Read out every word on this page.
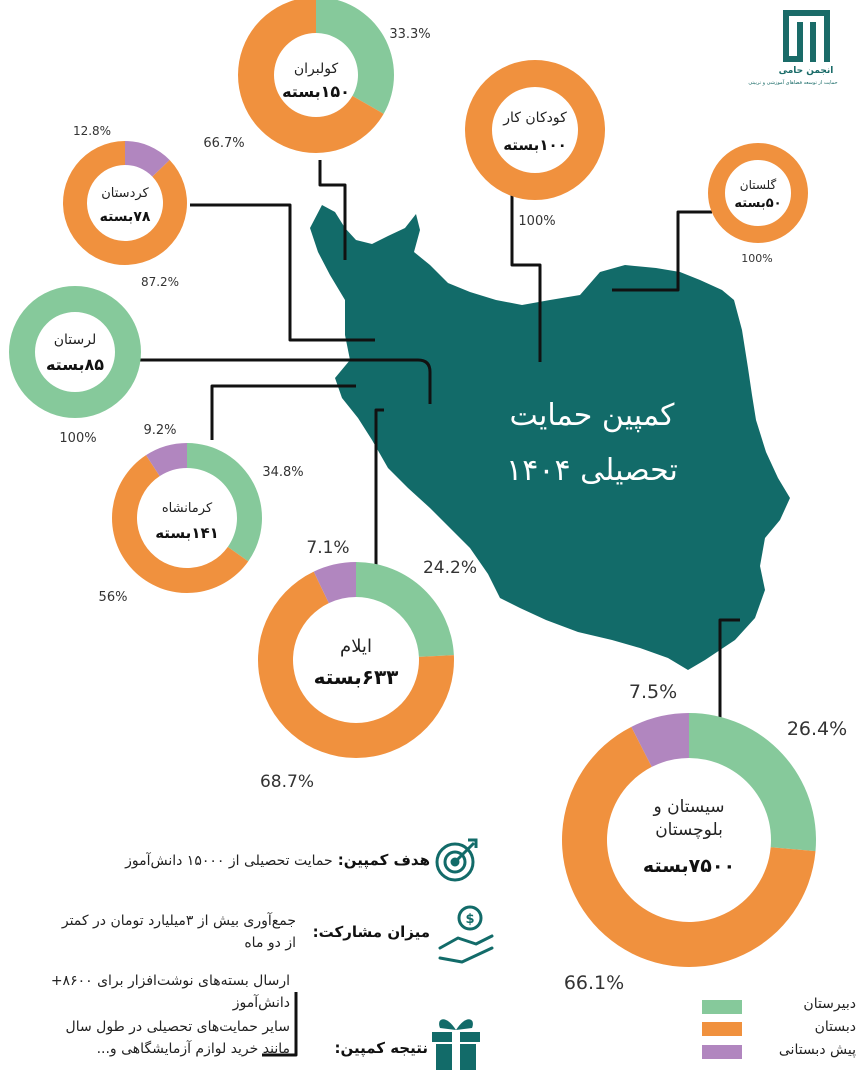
کمپین حمایت
تحصیلی ۱۴۰۴
کولبران
۱۵۰بسته
33.3%
66.7%
کودکان کار
۱۰۰بسته
100%
گلستان
۵۰بسته
100%
کردستان
۷۸بسته
12.8%
87.2%
لرستان
۸۵بسته
100%
کرمانشاه
۱۴۱بسته
34.8%
56%
9.2%
ایلام
۶۳۳بسته
24.2%
68.7%
7.1%
سیستان و
بلوچستان
۷۵۰۰بسته
26.4%
66.1%
7.5%
$
انجمن حامی
حمایت از توسعه فضاهای آموزشی و تربیتی
هدف کمپین: حمایت تحصیلی از ۱۵۰۰۰ دانش‌آموز
میزان مشارکت:
جمع‌آوری بیش از ۳میلیارد تومان در کمتر
از دو ماه
نتیجه کمپین:
ارسال بسته‌های نوشت‌افزار برای ۸۶۰۰+
دانش‌آموز
سایر حمایت‌های تحصیلی در طول سال
مانند خرید لوازم آزمایشگاهی و...
دبیرستان
دبستان
پیش دبستانی
